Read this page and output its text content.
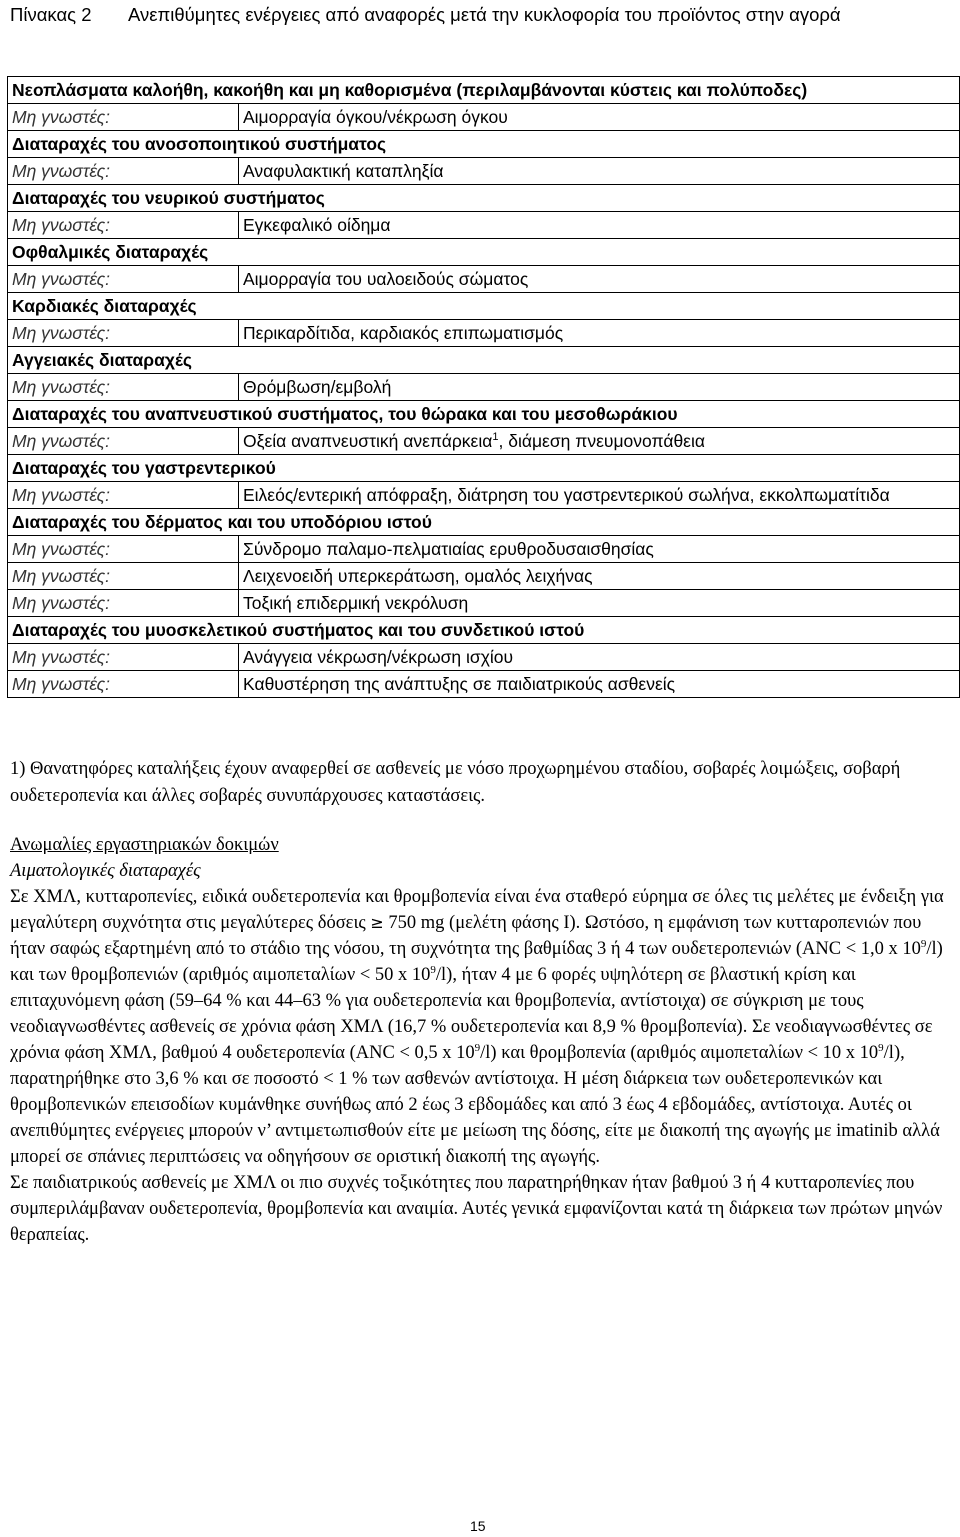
Πίνακας 2 Ανεπιθύμητες ενέργειες από αναφορές μετά την κυκλοφορία του προϊόντος στην αγορά
Νεοπλάσματα καλοήθη, κακοήθη και μη καθορισμένα (περιλαμβάνονται κύστεις και πολύποδες)	
Μη γνωστές:	Αιμορραγία όγκου/νέκρωση όγκου
Διαταραχές του ανοσοποιητικού συστήματος	
Μη γνωστές:	Αναφυλακτική καταπληξία
Διαταραχές του νευρικού συστήματος	
Μη γνωστές:	Εγκεφαλικό οίδημα
Οφθαλμικές διαταραχές	
Μη γνωστές:	Αιμορραγία του υαλοειδούς σώματος
Καρδιακές διαταραχές	
Μη γνωστές:	Περικαρδίτιδα, καρδιακός επιπωματισμός
Αγγειακές διαταραχές	
Μη γνωστές:	Θρόμβωση/εμβολή
Διαταραχές του αναπνευστικού συστήματος, του θώρακα και του μεσοθωράκιου	
Μη γνωστές:	Οξεία αναπνευστική ανεπάρκεια$^1$, διάμεση πνευμονοπάθεια
Διαταραχές του γαστρεντερικού	
Μη γνωστές:	Ειλεός/εντερική απόφραξη, διάτρηση του γαστρεντερικού σωλήνα, εκκολπωματίτιδα
Διαταραχές του δέρματος και του υποδόριου ιστού	
Μη γνωστές:	Σύνδρομο παλαμο-πελματιαίας ερυθροδυσαισθησίας
Μη γνωστές:	Λειχενοειδή υπερκεράτωση, ομαλός λειχήνας
Μη γνωστές:	Τοξική επιδερμική νεκρόλυση
Διαταραχές του μυοσκελετικού συστήματος και του συνδετικού ιστού	
Μη γνωστές:	Ανάγγεια νέκρωση/νέκρωση ισχίου
Μη γνωστές:	Καθυστέρηση της ανάπτυξης σε παιδιατρικούς ασθενείς
1) Θανατηφόρες καταλήξεις έχουν αναφερθεί σε ασθενείς με νόσο προχωρημένου σταδίου, σοβαρές λοιμώξεις, σοβαρή ουδετεροπενία και άλλες σοβαρές συνυπάρχουσες καταστάσεις.

Ανωμαλίες εργαστηριακών δοκιμών

Αιματολογικές διαταραχές

Σε ΧΜΛ, κυτταροπενίες, ειδικά ουδετεροπενία και θρομβοπενία είναι ένα σταθερό εύρημα σε όλες τις μελέτες με ένδειξη για μεγαλύτερη συχνότητα στις μεγαλύτερες δόσεις ≥ 750 mg (μελέτη φάσης Ι). Ωστόσο, η εμφάνιση των κυτταροπενιών που ήταν σαφώς εξαρτημένη από το στάδιο της νόσου, τη συχνότητα της βαθμίδας 3 ή 4 των ουδετεροπενιών (ANC < 1,0 x $10^9/l$) και των θρομβοπενιών (αριθμός αιμοπεταλίων < 50 x $10^9/l$), ήταν 4 με 6 φορές υψηλότερη σε βλαστική κρίση και επιταχυνόμενη φάση (59–64 % και 44–63 % για ουδετεροπενία και θρομβοπενία, αντίστοιχα) σε σύγκριση με τους νεοδιαγνωσθέντες ασθενείς σε χρόνια φάση ΧΜΛ (16,7 % ουδετεροπενία και 8,9 % θρομβοπενία). Σε νεοδιαγνωσθέντες σε χρόνια φάση ΧΜΛ, βαθμού 4 ουδετεροπενία (ANC < 0,5 x $10^9/l$) και θρομβοπενία (αριθμός αιμοπεταλίων < 10 x $10^9/l$), παρατηρήθηκε στο 3,6 % και σε ποσοστό < 1 % των ασθενών αντίστοιχα. Η μέση διάρκεια των ουδετεροπενικών και θρομβοπενικών επεισοδίων κυμάνθηκε συνήθως από 2 έως 3 εβδομάδες και από 3 έως 4 εβδομάδες, αντίστοιχα. Αυτές οι ανεπιθύμητες ενέργειες μπορούν ν’ αντιμετωπισθούν είτε με μείωση της δόσης, είτε με διακοπή της αγωγής με imatinib αλλά μπορεί σε σπάνιες περιπτώσεις να οδηγήσουν σε οριστική διακοπή της αγωγής.

Σε παιδιατρικούς ασθενείς με ΧΜΛ οι πιο συχνές τοξικότητες που παρατηρήθηκαν ήταν βαθμού 3 ή 4 κυτταροπενίες που συμπεριλάμβαναν ουδετεροπενία, θρομβοπενία και αναιμία. Αυτές γενικά εμφανίζονται κατά τη διάρκεια των πρώτων μηνών θεραπείας.

15
